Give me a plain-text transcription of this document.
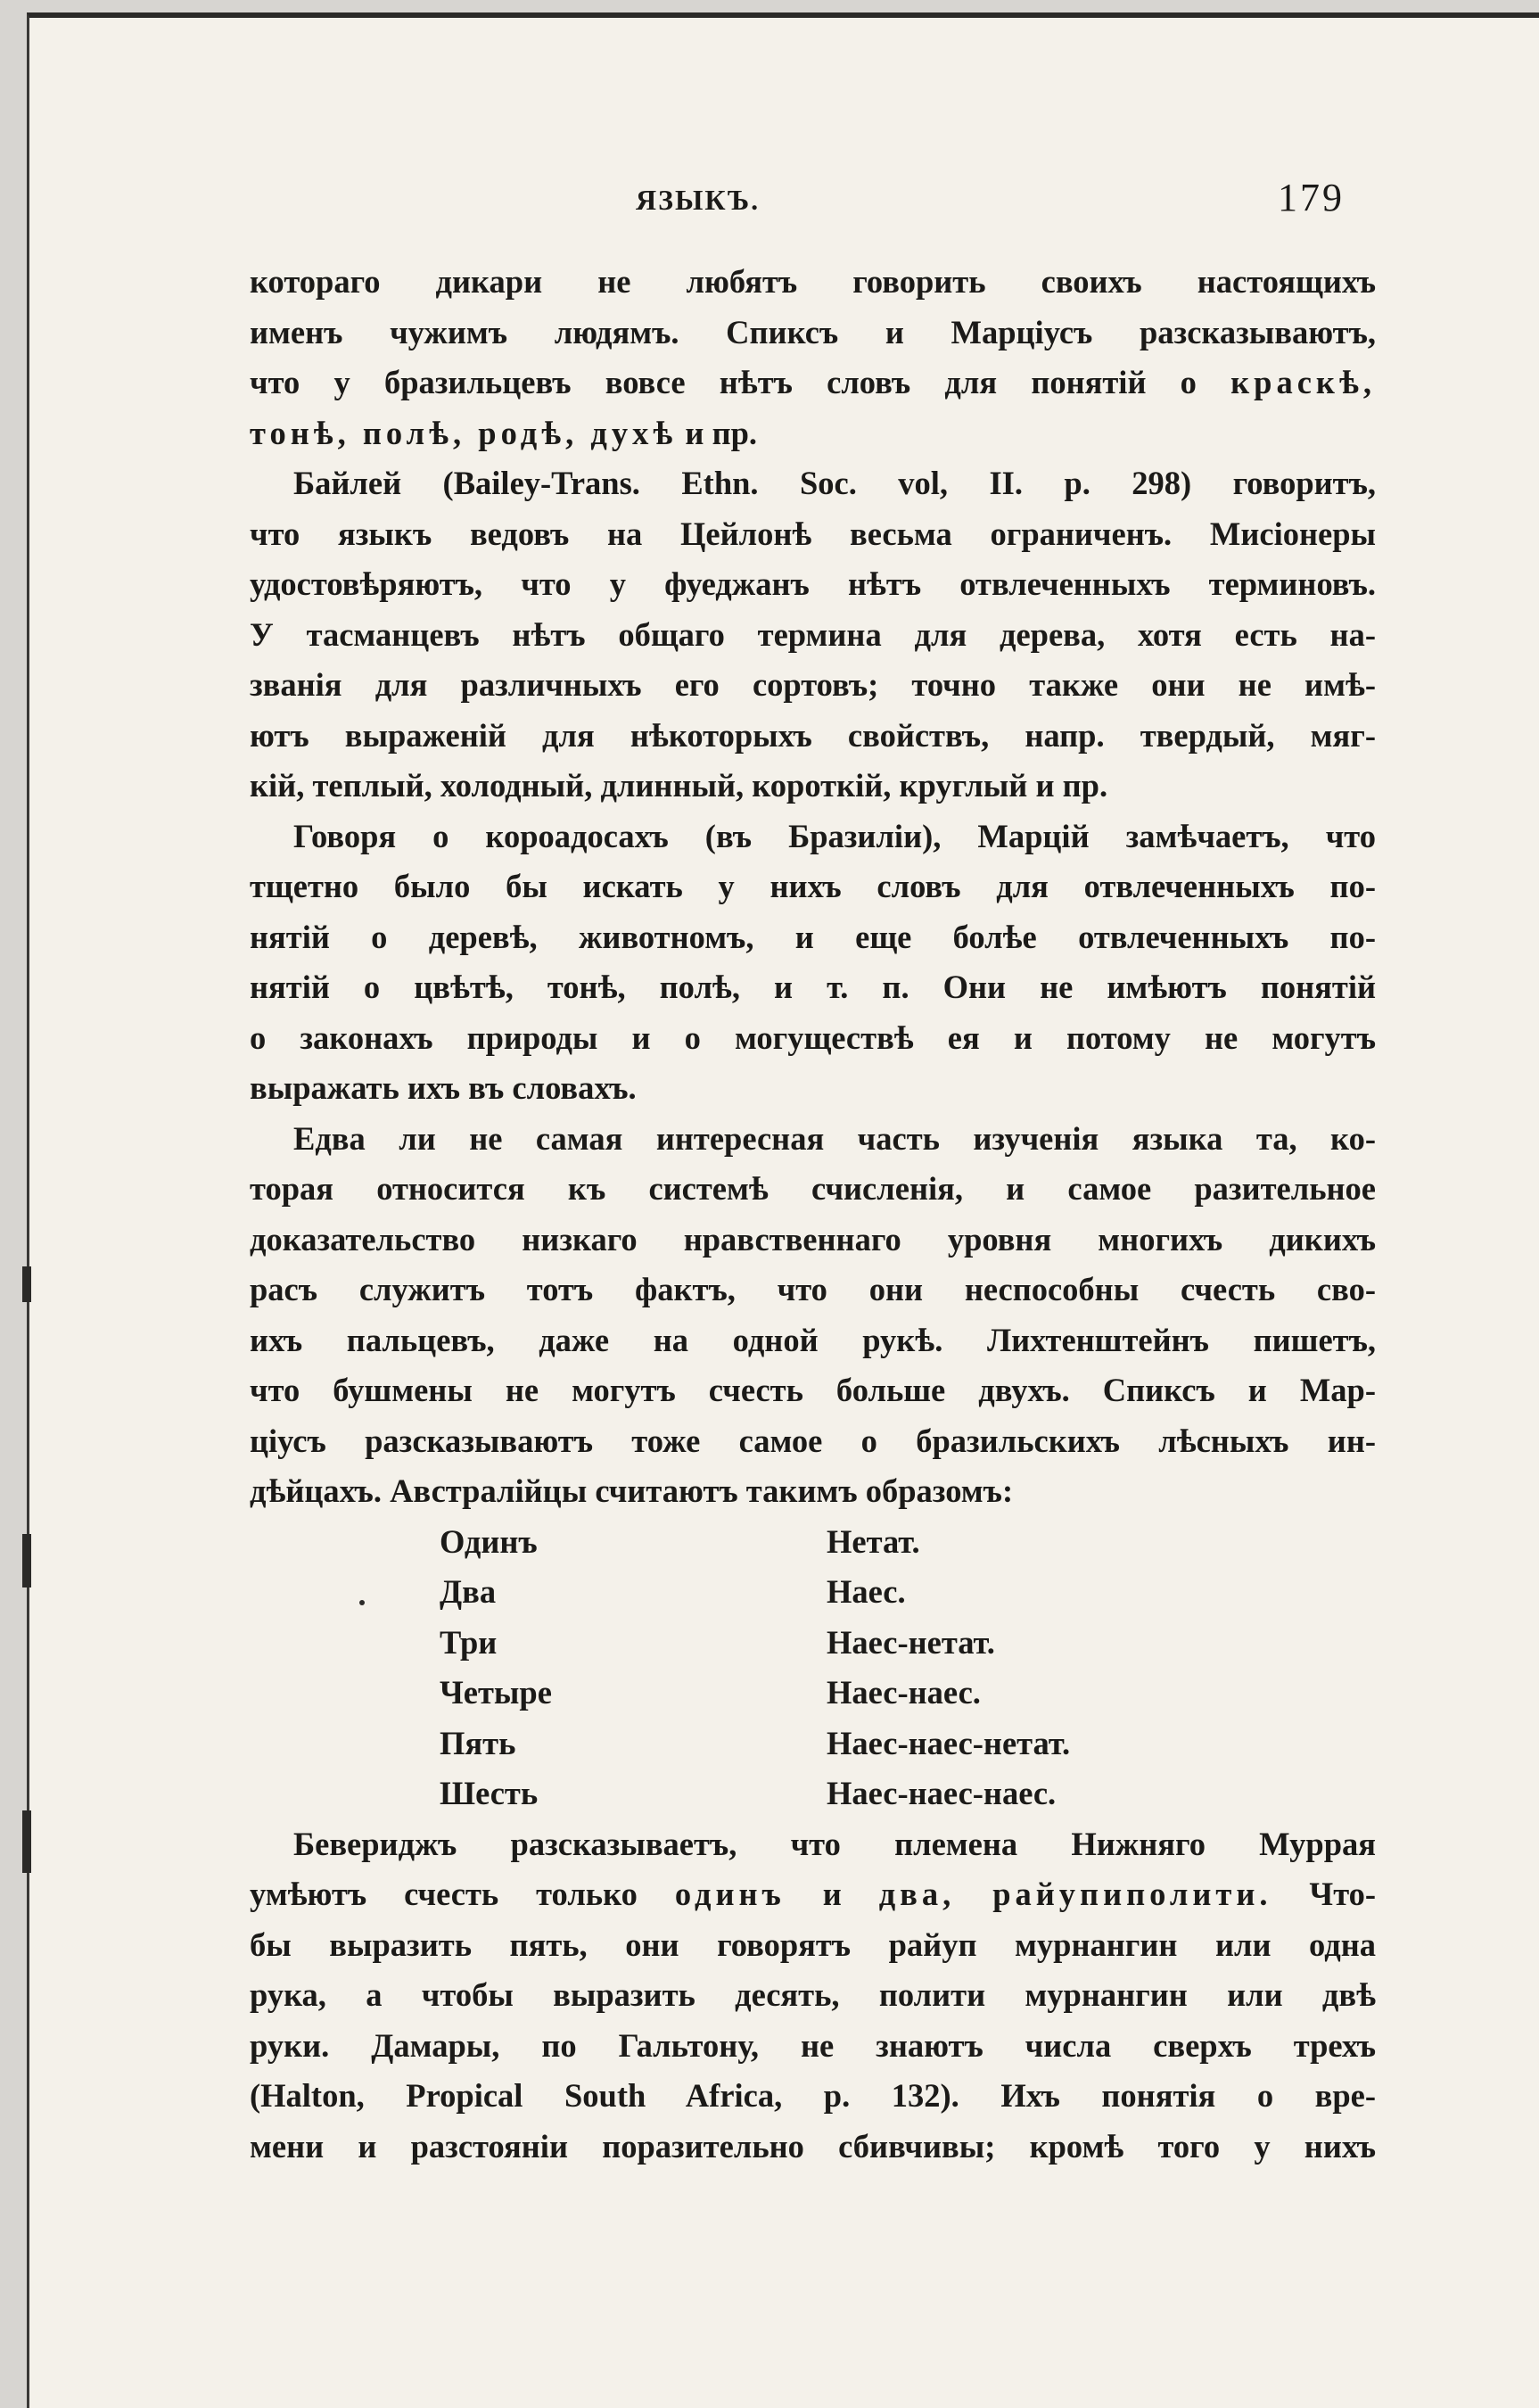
ЯЗЫКЪ.	179
котораго дикари не любятъ говорить своихъ настоящихъ
именъ чужимъ людямъ. Спиксъ и Марціусъ разсказываютъ,
что у бразильцевъ вовсе нѣтъ словъ для понятій о краскѣ,
тонѣ, полѣ, родѣ, духѣ и пр.
Байлей (Bailey-Trans. Ethn. Soc. vol, II. p. 298) говоритъ,
что языкъ ведовъ на Цейлонѣ весьма ограниченъ. Мисіонеры
удостовѣряютъ, что у фуеджанъ нѣтъ отвлеченныхъ терминовъ.
У тасманцевъ нѣтъ общаго термина для дерева, хотя есть на-
званія для различныхъ его сортовъ; точно также они не имѣ-
ютъ выраженій для нѣкоторыхъ свойствъ, напр. твердый, мяг-
кій, теплый, холодный, длинный, короткій, круглый и пр.
Говоря о короадосахъ (въ Бразиліи), Марцій замѣчаетъ, что
тщетно было бы искать у нихъ словъ для отвлеченныхъ по-
нятій о деревѣ, животномъ, и еще болѣе отвлеченныхъ по-
нятій о цвѣтѣ, тонѣ, полѣ, и т. п. Они не имѣютъ понятій
о законахъ природы и о могуществѣ ея и потому не могутъ
выражать ихъ въ словахъ.
Едва ли не самая интересная часть изученія языка та, ко-
торая относится къ системѣ счисленія, и самое разительное
доказательство низкаго нравственнаго уровня многихъ дикихъ
расъ служитъ тотъ фактъ, что они неспособны счесть сво-
ихъ пальцевъ, даже на одной рукѣ. Лихтенштейнъ пишетъ,
что бушмены не могутъ счесть больше двухъ. Спиксъ и Мар-
ціусъ разсказываютъ тоже самое о бразильскихъ лѣсныхъ ин-
дѣйцахъ. Австралійцы считаютъ такимъ образомъ:
Одинъ	Нетат.
Два	Наес.
Три	Наес-нетат.
Четыре	Наес-наес.
Пять	Наес-наес-нетат.
Шесть	Наес-наес-наес.
Бевериджъ разсказываетъ, что племена Нижняго Муррая
умѣютъ счесть только одинъ и два, райупиполити. Что-
бы выразить пять, они говорятъ райуп мурнангин или одна
рука, а чтобы выразить десять, полити мурнангин или двѣ
руки. Дамары, по Гальтону, не знаютъ числа сверхъ трехъ
(Halton, Propical South Africa, p. 132). Ихъ понятія о вре-
мени и разстояніи поразительно сбивчивы; кромѣ того у нихъ
